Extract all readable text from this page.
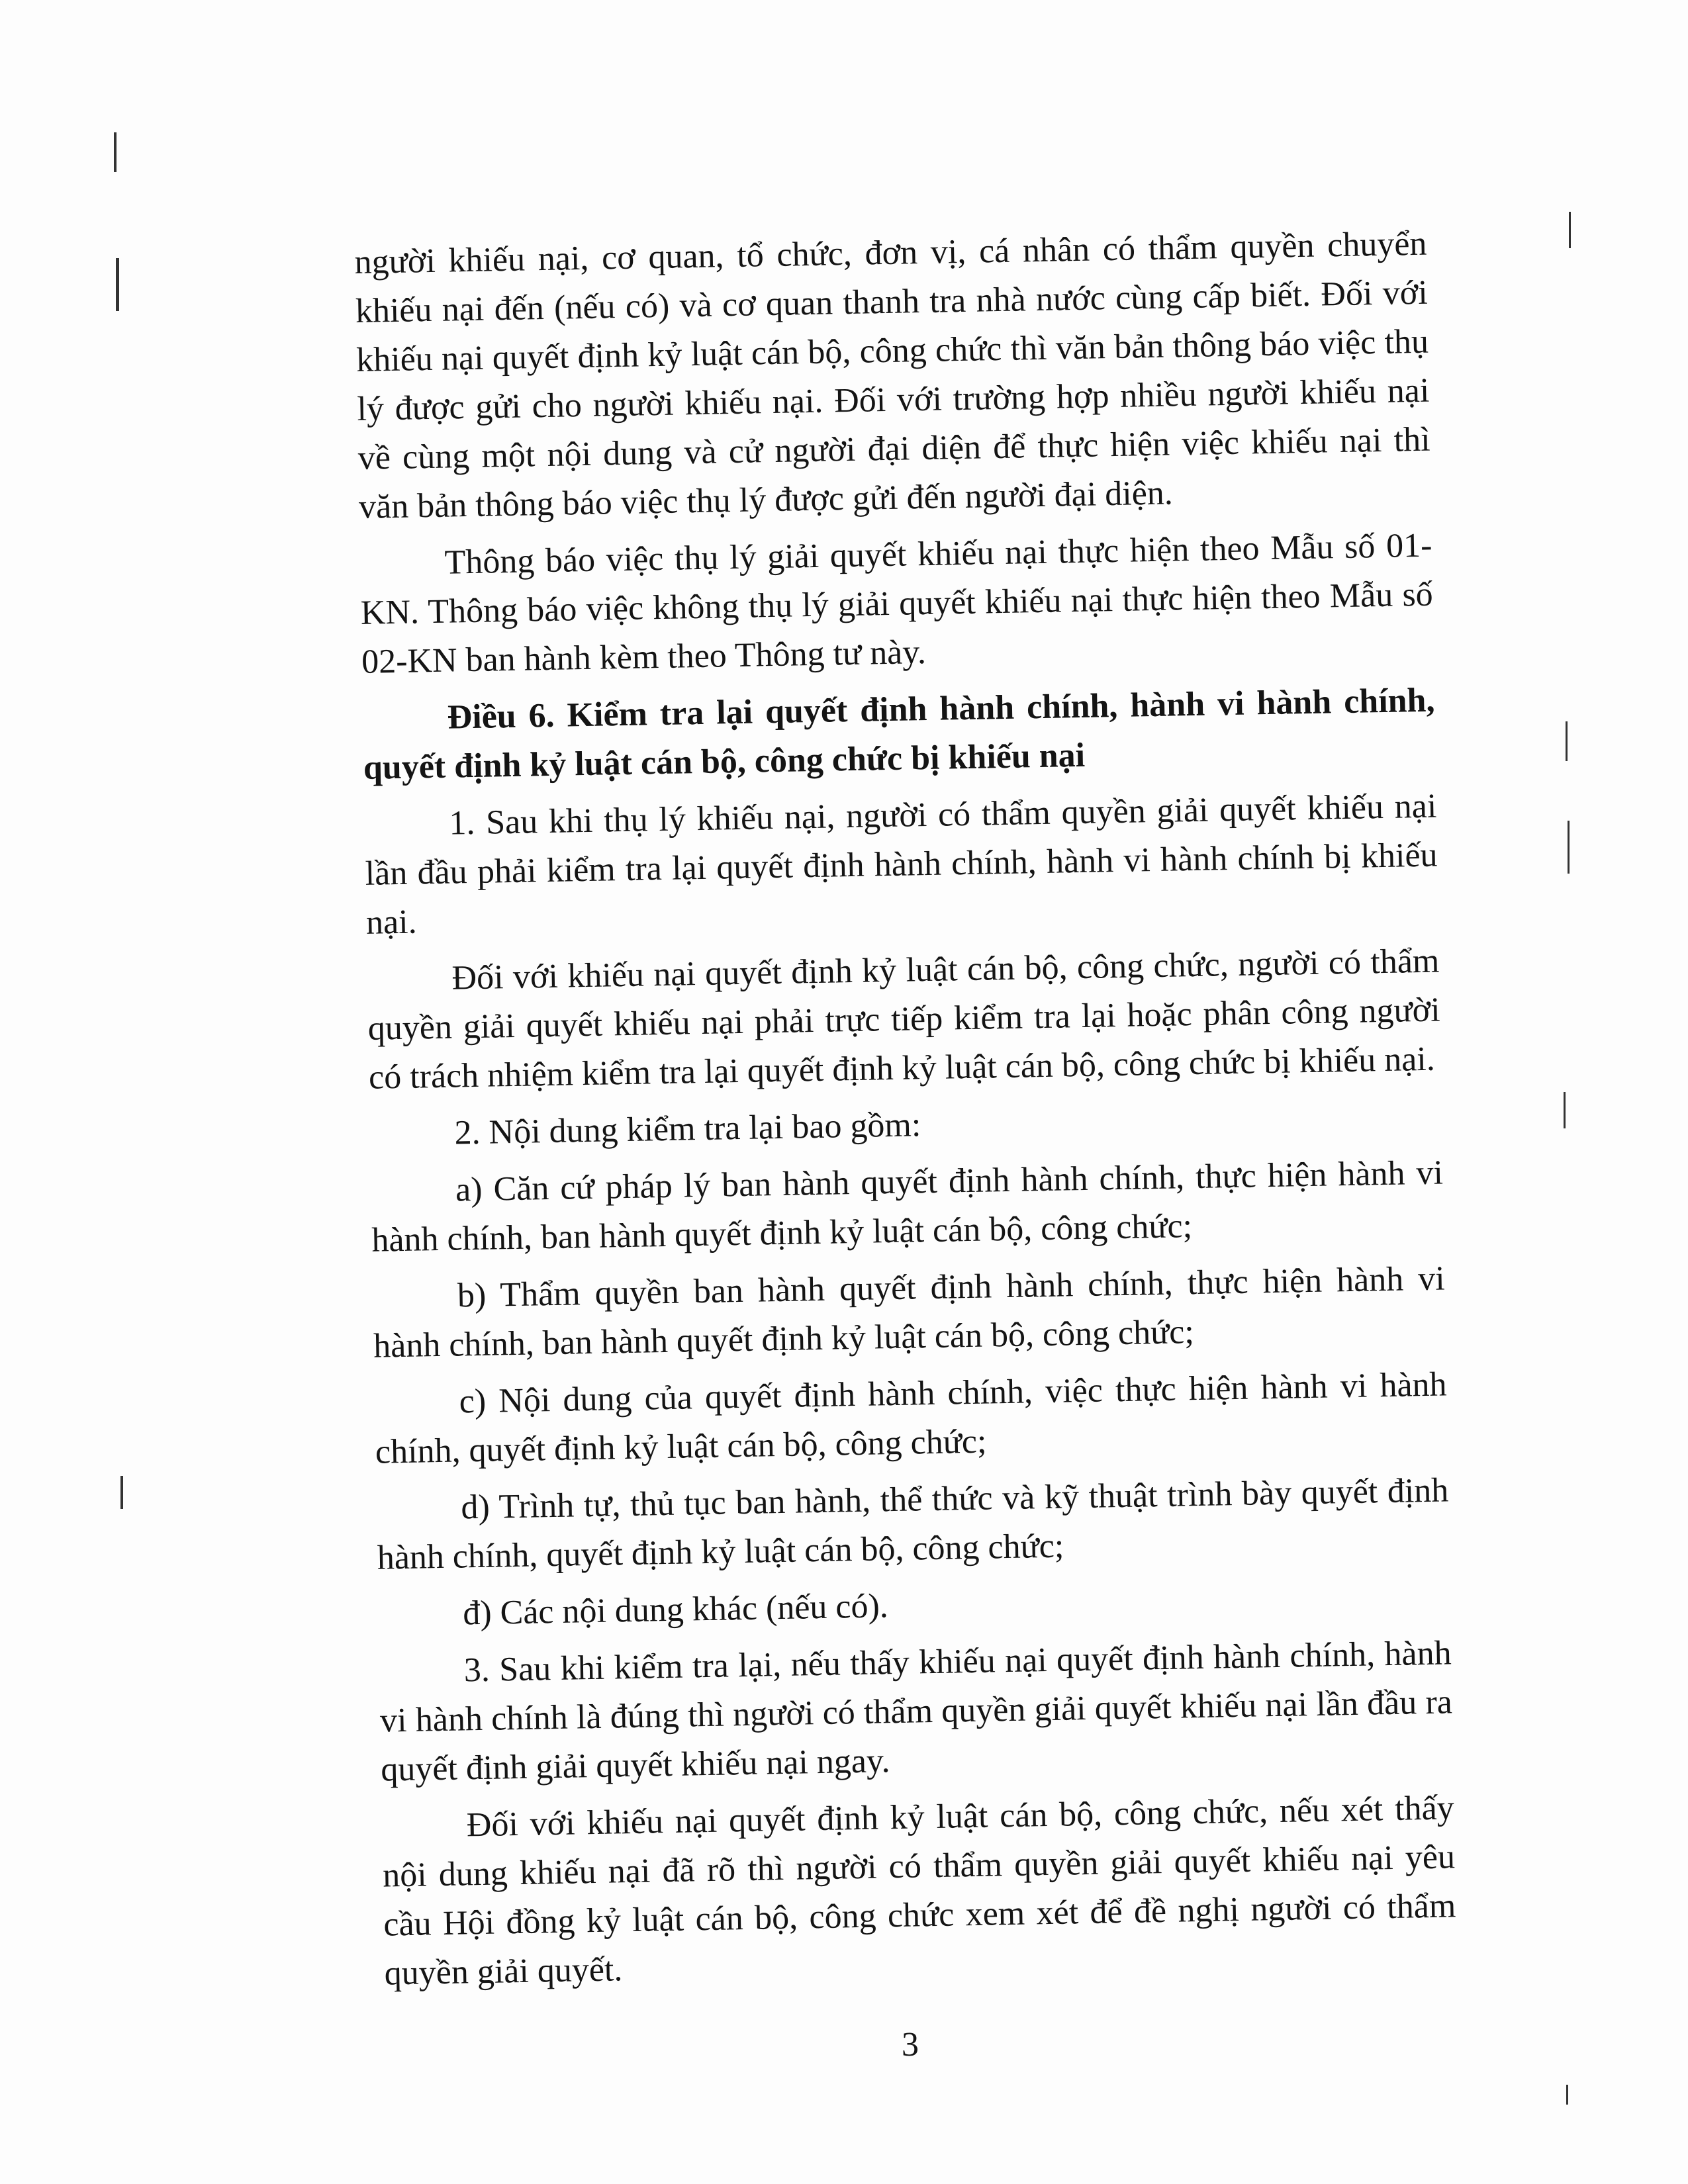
người khiếu nại, cơ quan, tổ chức, đơn vị, cá nhân có thẩm quyền chuyển khiếu nại đến (nếu có) và cơ quan thanh tra nhà nước cùng cấp biết. Đối với khiếu nại quyết định kỷ luật cán bộ, công chức thì văn bản thông báo việc thụ lý được gửi cho người khiếu nại. Đối với trường hợp nhiều người khiếu nại về cùng một nội dung và cử người đại diện để thực hiện việc khiếu nại thì văn bản thông báo việc thụ lý được gửi đến người đại diện.

Thông báo việc thụ lý giải quyết khiếu nại thực hiện theo Mẫu số 01-KN. Thông báo việc không thụ lý giải quyết khiếu nại thực hiện theo Mẫu số 02-KN ban hành kèm theo Thông tư này.

Điều 6. Kiểm tra lại quyết định hành chính, hành vi hành chính, quyết định kỷ luật cán bộ, công chức bị khiếu nại

1. Sau khi thụ lý khiếu nại, người có thẩm quyền giải quyết khiếu nại lần đầu phải kiểm tra lại quyết định hành chính, hành vi hành chính bị khiếu nại.

Đối với khiếu nại quyết định kỷ luật cán bộ, công chức, người có thẩm quyền giải quyết khiếu nại phải trực tiếp kiểm tra lại hoặc phân công người có trách nhiệm kiểm tra lại quyết định kỷ luật cán bộ, công chức bị khiếu nại.

2. Nội dung kiểm tra lại bao gồm:

a) Căn cứ pháp lý ban hành quyết định hành chính, thực hiện hành vi hành chính, ban hành quyết định kỷ luật cán bộ, công chức;

b) Thẩm quyền ban hành quyết định hành chính, thực hiện hành vi hành chính, ban hành quyết định kỷ luật cán bộ, công chức;

c) Nội dung của quyết định hành chính, việc thực hiện hành vi hành chính, quyết định kỷ luật cán bộ, công chức;

d) Trình tự, thủ tục ban hành, thể thức và kỹ thuật trình bày quyết định hành chính, quyết định kỷ luật cán bộ, công chức;

đ) Các nội dung khác (nếu có).

3. Sau khi kiểm tra lại, nếu thấy khiếu nại quyết định hành chính, hành vi hành chính là đúng thì người có thẩm quyền giải quyết khiếu nại lần đầu ra quyết định giải quyết khiếu nại ngay.

Đối với khiếu nại quyết định kỷ luật cán bộ, công chức, nếu xét thấy nội dung khiếu nại đã rõ thì người có thẩm quyền giải quyết khiếu nại yêu cầu Hội đồng kỷ luật cán bộ, công chức xem xét để đề nghị người có thẩm quyền giải quyết.

3
